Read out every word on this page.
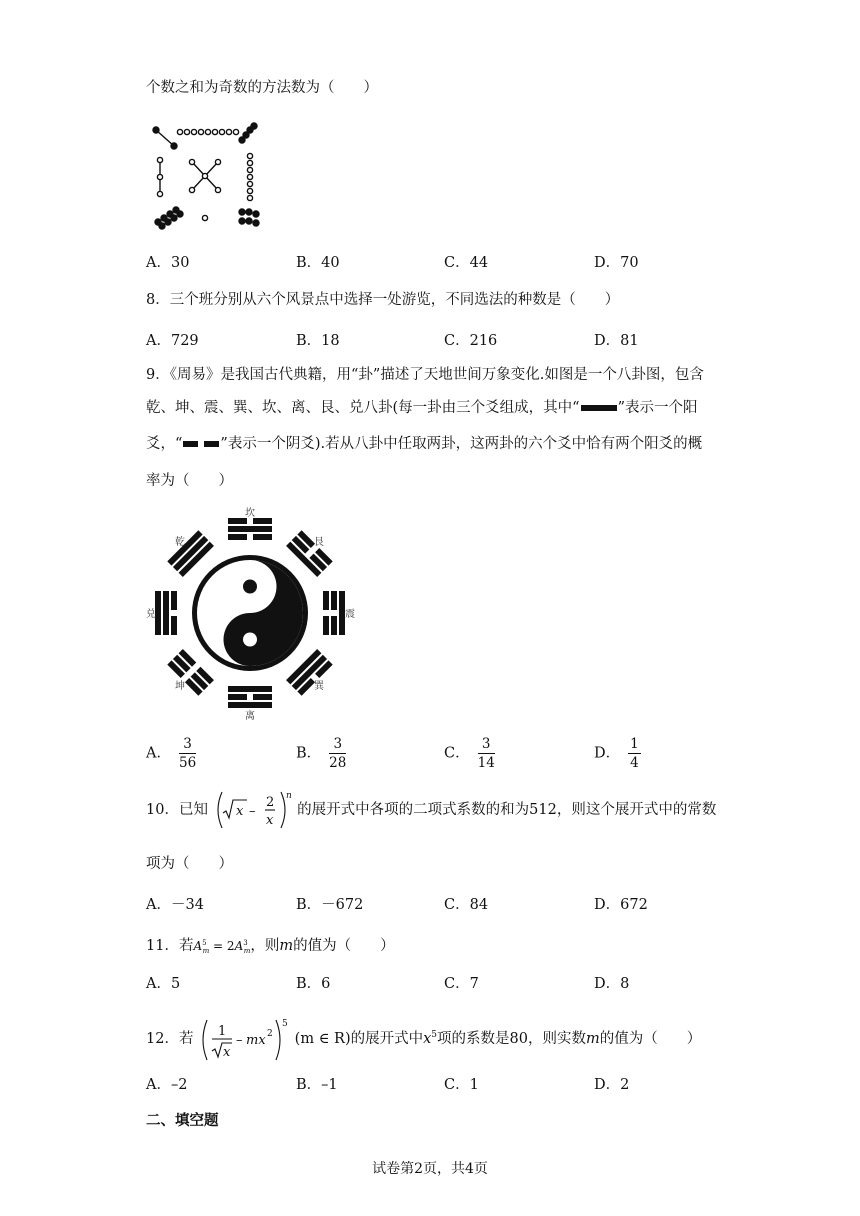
个数之和为奇数的方法数为（　　）
A．30	B．40	C．44	D．70
8．三个班分别从六个风景点中选择一处游览，不同选法的种数是（　　）
A．729	B．18	C．216	D．81
9．《周易》是我国古代典籍，用“卦”描述了天地世间万象变化.如图是一个八卦图，包含
乾、坤、震、巽、坎、离、艮、兑八卦(每一卦由三个爻组成，其中“	”表示一个阳
爻，“	”表示一个阴爻).若从八卦中任取两卦，这两卦的六个爻中恰有两个阳爻的概
率为（　　）
坎
艮
震
巽
离
坤
兑
乾
A． $\frac{3}{56}$	B． $\frac{3}{28}$	C． $\frac{3}{14}$	D． $\frac{1}{4}$
10．已知 x –
2
x
n
的展开式中各项的二项式系数的和为512，则这个展开式中的常数
项为（　　）
A．－34	B．－672	C．84	D．672
11．若$A^5_m = 2A^3_m$，则m的值为（　　）
A．5	B．6	C．7	D．8
12．若 1
x
– mx 2
5
(m ∈ R)的展开式中$x^5$项的系数是80，则实数m的值为（　　）
A．–2	B．–1	C．1	D．2
二、填空题
试卷第2页，共4页
